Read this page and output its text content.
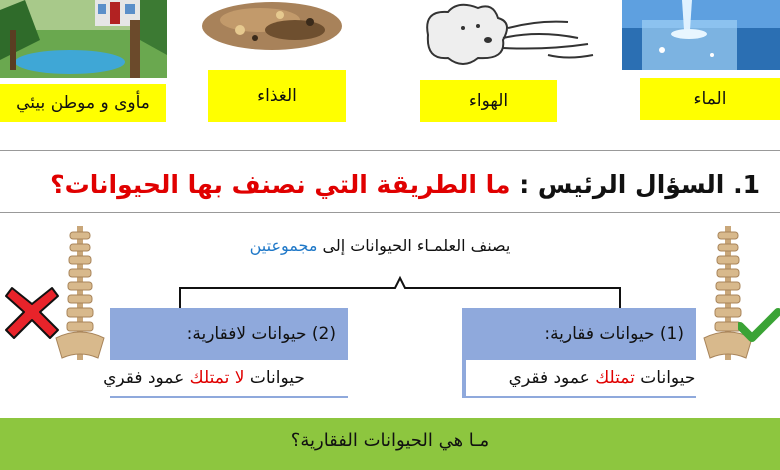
مأوى و موطن بيئي	الغذاء	الهواء	الماء
1. السؤال الرئيس : ما الطريقة التي نصنف بها الحيوانات؟
يصنف العلمـاء الحيوانات إلى مجموعتين
(2) حيوانات لافقارية:
حيوانات

لا تمتلك

عمود فقري
(1) حيوانات فقارية:
حيوانات

تمتلك

عمود فقري
مـا هي الحيوانات الفقارية؟
